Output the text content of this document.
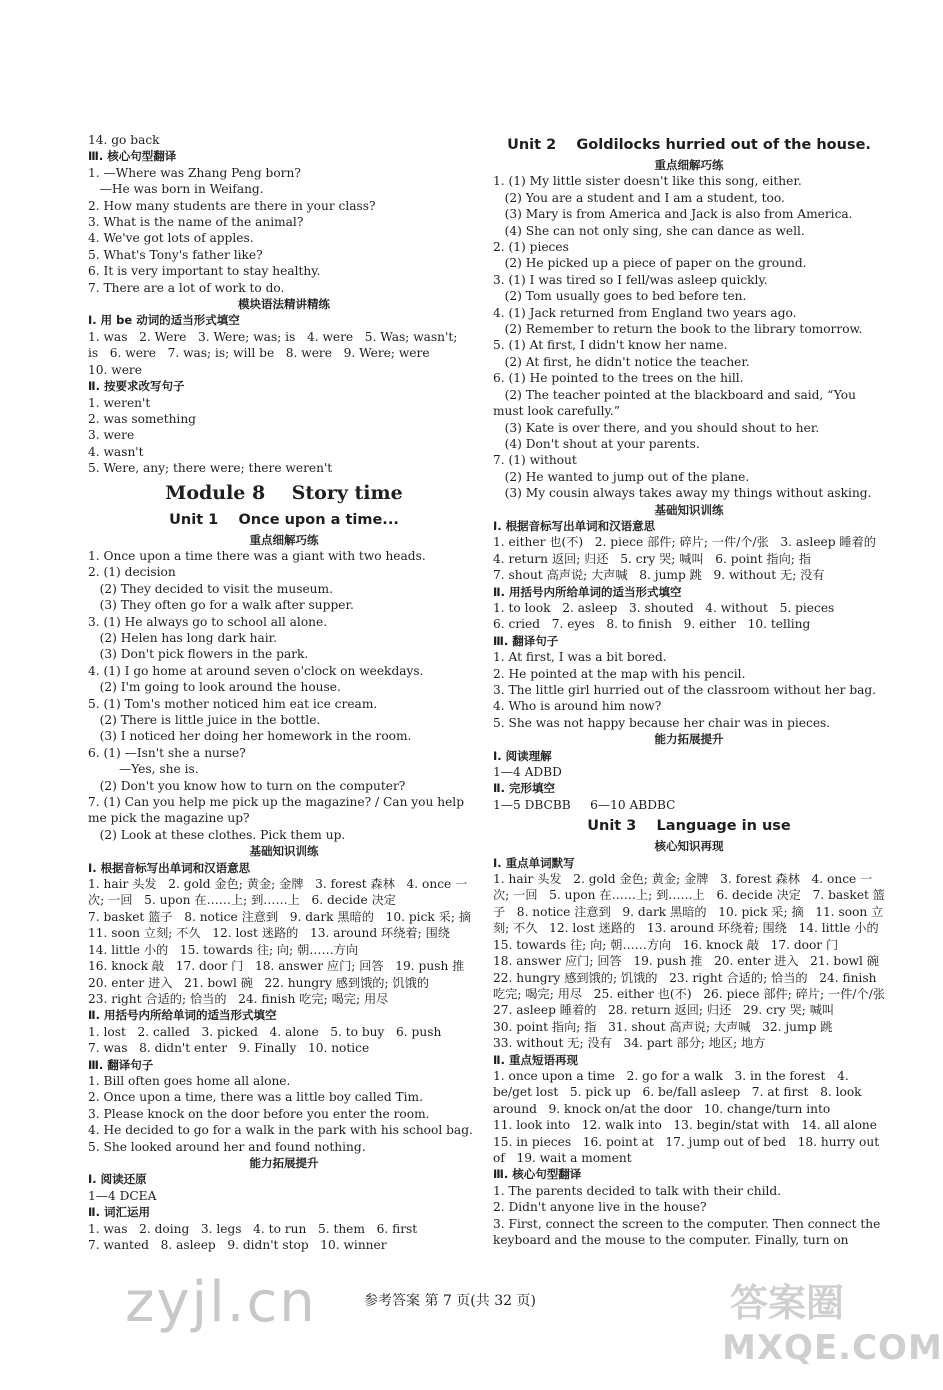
14. go back
Ⅲ. 核心句型翻译
1. —Where was Zhang Peng born?
—He was born in Weifang.
2. How many students are there in your class?
3. What is the name of the animal?
4. We've got lots of apples.
5. What's Tony's father like?
6. It is very important to stay healthy.
7. There are a lot of work to do.
模块语法精讲精练
Ⅰ. 用 be 动词的适当形式填空
1. was   2. Were   3. Were; was; is   4. were   5. Was; wasn't;
is   6. were   7. was; is; will be   8. were   9. Were; were
10. were
Ⅱ. 按要求改写句子
1. weren't
2. was something
3. were
4. wasn't
5. Were, any; there were; there weren't
Module 8    Story time
Unit 1    Once upon a time...
重点细解巧练
1. Once upon a time there was a giant with two heads.
2. (1) decision
(2) They decided to visit the museum.
(3) They often go for a walk after supper.
3. (1) He always go to school all alone.
(2) Helen has long dark hair.
(3) Don't pick flowers in the park.
4. (1) I go home at around seven o'clock on weekdays.
(2) I'm going to look around the house.
5. (1) Tom's mother noticed him eat ice cream.
(2) There is little juice in the bottle.
(3) I noticed her doing her homework in the room.
6. (1) —Isn't she a nurse?
—Yes, she is.
(2) Don't you know how to turn on the computer?
7. (1) Can you help me pick up the magazine? / Can you help me pick the magazine up?
(2) Look at these clothes. Pick them up.
基础知识训练
Ⅰ. 根据音标写出单词和汉语意思
1. hair 头发   2. gold 金色; 黄金; 金牌   3. forest 森林   4. once 一次; 一回   5. upon 在……上; 到……上   6. decide 决定
7. basket 篮子   8. notice 注意到   9. dark 黑暗的   10. pick 采; 摘   11. soon 立刻; 不久   12. lost 迷路的   13. around 环绕着; 围绕   14. little 小的   15. towards 往; 向; 朝……方向
16. knock 敲   17. door 门   18. answer 应门; 回答   19. push 推
20. enter 进入   21. bowl 碗   22. hungry 感到饿的; 饥饿的
23. right 合适的; 恰当的   24. finish 吃完; 喝完; 用尽
Ⅱ. 用括号内所给单词的适当形式填空
1. lost   2. called   3. picked   4. alone   5. to buy   6. push
7. was   8. didn't enter   9. Finally   10. notice
Ⅲ. 翻译句子
1. Bill often goes home all alone.
2. Once upon a time, there was a little boy called Tim.
3. Please knock on the door before you enter the room.
4. He decided to go for a walk in the park with his school bag.
5. She looked around her and found nothing.
能力拓展提升
Ⅰ. 阅读还原
1—4 DCEA
Ⅱ. 词汇运用
1. was   2. doing   3. legs   4. to run   5. them   6. first
7. wanted   8. asleep   9. didn't stop   10. winner
Unit 2    Goldilocks hurried out of the house.
重点细解巧练
1. (1) My little sister doesn't like this song, either.
(2) You are a student and I am a student, too.
(3) Mary is from America and Jack is also from America.
(4) She can not only sing, she can dance as well.
2. (1) pieces
(2) He picked up a piece of paper on the ground.
3. (1) I was tired so I fell/was asleep quickly.
(2) Tom usually goes to bed before ten.
4. (1) Jack returned from England two years ago.
(2) Remember to return the book to the library tomorrow.
5. (1) At first, I didn't know her name.
(2) At first, he didn't notice the teacher.
6. (1) He pointed to the trees on the hill.
(2) The teacher pointed at the blackboard and said, “You must look carefully.”
(3) Kate is over there, and you should shout to her.
(4) Don't shout at your parents.
7. (1) without
(2) He wanted to jump out of the plane.
(3) My cousin always takes away my things without asking.
基础知识训练
Ⅰ. 根据音标写出单词和汉语意思
1. either 也(不)   2. piece 部件; 碎片; 一件/个/张   3. asleep 睡着的   4. return 返回; 归还   5. cry 哭; 喊叫   6. point 指向; 指
7. shout 高声说; 大声喊   8. jump 跳   9. without 无; 没有
Ⅱ. 用括号内所给单词的适当形式填空
1. to look   2. asleep   3. shouted   4. without   5. pieces
6. cried   7. eyes   8. to finish   9. either   10. telling
Ⅲ. 翻译句子
1. At first, I was a bit bored.
2. He pointed at the map with his pencil.
3. The little girl hurried out of the classroom without her bag.
4. Who is around him now?
5. She was not happy because her chair was in pieces.
能力拓展提升
Ⅰ. 阅读理解
1—4 ADBD
Ⅱ. 完形填空
1—5 DBCBB     6—10 ABDBC
Unit 3    Language in use
核心知识再现
Ⅰ. 重点单词默写
1. hair 头发   2. gold 金色; 黄金; 金牌   3. forest 森林   4. once 一次; 一回   5. upon 在……上; 到……上   6. decide 决定   7. basket 篮子   8. notice 注意到   9. dark 黑暗的   10. pick 采; 摘   11. soon 立刻; 不久   12. lost 迷路的   13. around 环绕着; 围绕   14. little 小的   15. towards 往; 向; 朝……方向   16. knock 敲   17. door 门
18. answer 应门; 回答   19. push 推   20. enter 进入   21. bowl 碗
22. hungry 感到饿的; 饥饿的   23. right 合适的; 恰当的   24. finish 吃完; 喝完; 用尽   25. either 也(不)   26. piece 部件; 碎片; 一件/个/张   27. asleep 睡着的   28. return 返回; 归还   29. cry 哭; 喊叫
30. point 指向; 指   31. shout 高声说; 大声喊   32. jump 跳
33. without 无; 没有   34. part 部分; 地区; 地方
Ⅱ. 重点短语再现
1. once upon a time   2. go for a walk   3. in the forest   4. be/get lost   5. pick up   6. be/fall asleep   7. at first   8. look around   9. knock on/at the door   10. change/turn into
11. look into   12. walk into   13. begin/stat with   14. all alone
15. in pieces   16. point at   17. jump out of bed   18. hurry out of   19. wait a moment
Ⅲ. 核心句型翻译
1. The parents decided to talk with their child.
2. Didn't anyone live in the house?
3. First, connect the screen to the computer. Then connect the keyboard and the mouse to the computer. Finally, turn on
参考答案 第 7 页(共 32 页)
zyjl.cn	答案圈
MXQE.COM
